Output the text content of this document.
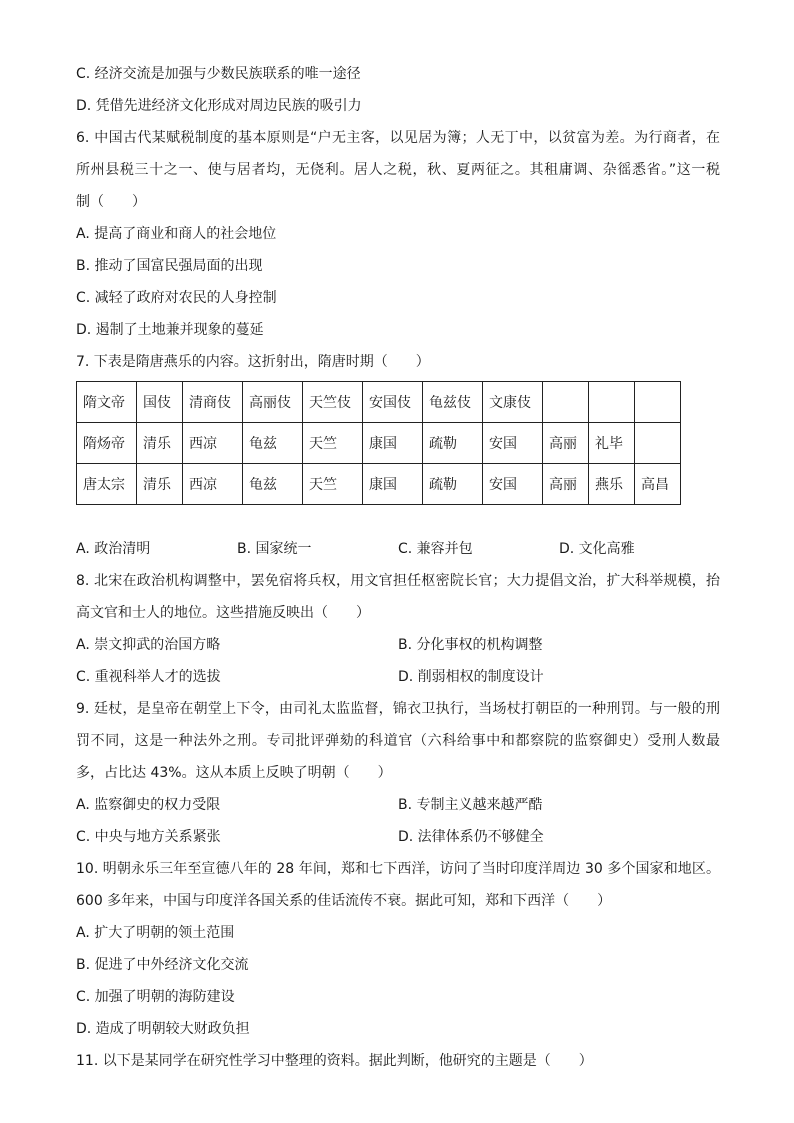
C. 经济交流是加强与少数民族联系的唯一途径
D. 凭借先进经济文化形成对周边民族的吸引力
6. 中国古代某赋税制度的基本原则是“户无主客，以见居为簿；人无丁中，以贫富为差。为行商者，在
所州县税三十之一、使与居者均，无侥利。居人之税，秋、夏两征之。其租庸调、杂徭悉省。”这一税
制（　　）
A. 提高了商业和商人的社会地位
B. 推动了国富民强局面的出现
C. 减轻了政府对农民的人身控制
D. 遏制了土地兼并现象的蔓延
7. 下表是隋唐燕乐的内容。这折射出，隋唐时期（　　）
隋文帝	国伎	清商伎	高丽伎	天竺伎	安国伎	龟兹伎	文康伎			
隋炀帝	清乐	西凉	龟兹	天竺	康国	疏勒	安国	高丽	礼毕	
唐太宗	清乐	西凉	龟兹	天竺	康国	疏勒	安国	高丽	燕乐	高昌
A. 政治清明	B. 国家统一	C. 兼容并包	D. 文化高雅
8. 北宋在政治机构调整中，罢免宿将兵权，用文官担任枢密院长官；大力提倡文治，扩大科举规模，抬
高文官和士人的地位。这些措施反映出（　　）
A. 崇文抑武的治国方略	B. 分化事权的机构调整
C. 重视科举人才的选拔	D. 削弱相权的制度设计
9. 廷杖，是皇帝在朝堂上下令，由司礼太监监督，锦衣卫执行，当场杖打朝臣的一种刑罚。与一般的刑
罚不同，这是一种法外之刑。专司批评弹劾的科道官（六科给事中和都察院的监察御史）受刑人数最
多，占比达 43%。这从本质上反映了明朝（　　）
A. 监察御史的权力受限	B. 专制主义越来越严酷
C. 中央与地方关系紧张	D. 法律体系仍不够健全
10. 明朝永乐三年至宣德八年的 28 年间，郑和七下西洋，访问了当时印度洋周边 30 多个国家和地区。
600 多年来，中国与印度洋各国关系的佳话流传不衰。据此可知，郑和下西洋（　　）
A. 扩大了明朝的领土范围
B. 促进了中外经济文化交流
C. 加强了明朝的海防建设
D. 造成了明朝较大财政负担
11. 以下是某同学在研究性学习中整理的资料。据此判断，他研究的主题是（　　）
